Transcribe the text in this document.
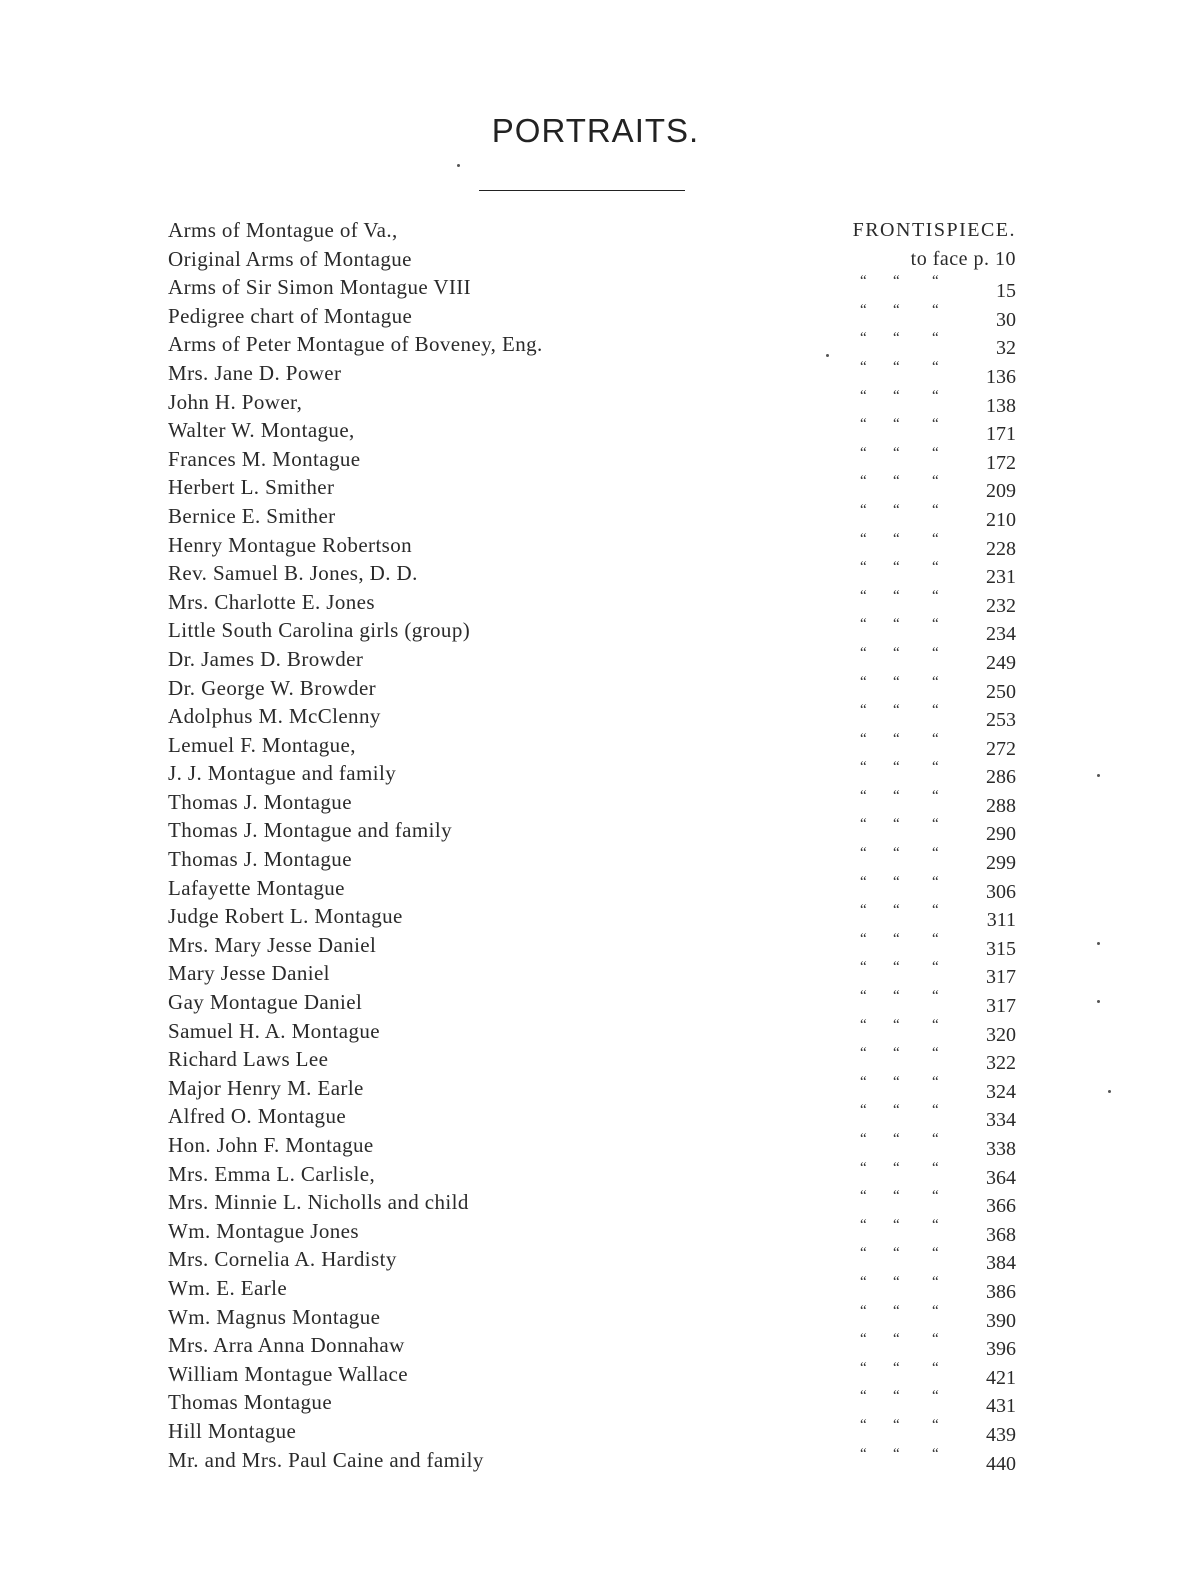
PORTRAITS.
Arms of Montague of Va.,	FRONTISPIECE.
Original Arms of Montague	to face p. 10
Arms of Sir Simon Montague VIII	“ “ “	15
Pedigree chart of Montague	“ “ “	30
Arms of Peter Montague of Boveney, Eng.	“ “ “	32
Mrs. Jane D. Power	“ “ “ 136
John H. Power,	“ “ “ 138
Walter W. Montague,	“ “ “ 171
Frances M. Montague	“ “ “ 172
Herbert L. Smither	“ “ “ 209
Bernice E. Smither	“ “ “ 210
Henry Montague Robertson	“ “ “ 228
Rev. Samuel B. Jones, D. D.	“ “ “ 231
Mrs. Charlotte E. Jones	“ “ “ 232
Little South Carolina girls (group)	“ “ “ 234
Dr. James D. Browder	“ “ “ 249
Dr. George W. Browder	“ “ “ 250
Adolphus M. McClenny	“ “ “ 253
Lemuel F. Montague,	“ “ “ 272
J. J. Montague and family	“ “ “ 286
Thomas J. Montague	“ “ “ 288
Thomas J. Montague and family	“ “ “ 290
Thomas J. Montague	“ “ “ 299
Lafayette Montague	“ “ “ 306
Judge Robert L. Montague	“ “ “ 311
Mrs. Mary Jesse Daniel	“ “ “ 315
Mary Jesse Daniel	“ “ “ 317
Gay Montague Daniel	“ “ “ 317
Samuel H. A. Montague	“ “ “ 320
Richard Laws Lee	“ “ “ 322
Major Henry M. Earle	“ “ “ 324
Alfred O. Montague	“ “ “ 334
Hon. John F. Montague	“ “ “ 338
Mrs. Emma L. Carlisle,	“ “ “ 364
Mrs. Minnie L. Nicholls and child	“ “ “ 366
Wm. Montague Jones	“ “ “ 368
Mrs. Cornelia A. Hardisty	“ “ “ 384
Wm. E. Earle	“ “ “ 386
Wm. Magnus Montague	“ “ “ 390
Mrs. Arra Anna Donnahaw	“ “ “ 396
William Montague Wallace	“ “ “ 421
Thomas Montague	“ “ “ 431
Hill Montague	“ “ “ 439
Mr. and Mrs. Paul Caine and family	“ “ “ 440
